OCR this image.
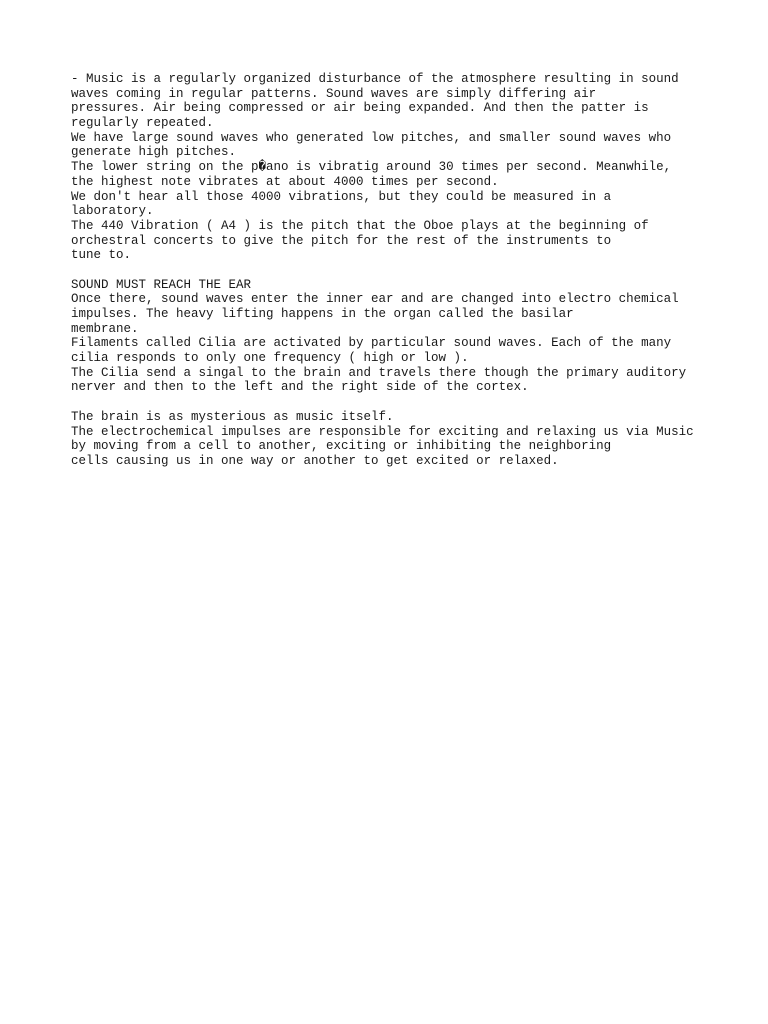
- Music is a regularly organized disturbance of the atmosphere resulting in sound
waves coming in regular patterns. Sound waves are simply differing air
pressures. Air being compressed or air being expanded. And then the patter is
regularly repeated.
We have large sound waves who generated low pitches, and smaller sound waves who
generate high pitches.
The lower string on the p�ano is vibratig around 30 times per second. Meanwhile,
the highest note vibrates at about 4000 times per second.
We don't hear all those 4000 vibrations, but they could be measured in a
laboratory.
The 440 Vibration ( A4 ) is the pitch that the Oboe plays at the beginning of
orchestral concerts to give the pitch for the rest of the instruments to
tune to.
SOUND MUST REACH THE EAR
Once there, sound waves enter the inner ear and are changed into electro chemical
impulses. The heavy lifting happens in the organ called the basilar
membrane.
Filaments called Cilia are activated by particular sound waves. Each of the many
cilia responds to only one frequency ( high or low ).
The Cilia send a singal to the brain and travels there though the primary auditory
nerver and then to the left and the right side of the cortex.
The brain is as mysterious as music itself.
The electrochemical impulses are responsible for exciting and relaxing us via Music
by moving from a cell to another, exciting or inhibiting the neighboring
cells causing us in one way or another to get excited or relaxed.
